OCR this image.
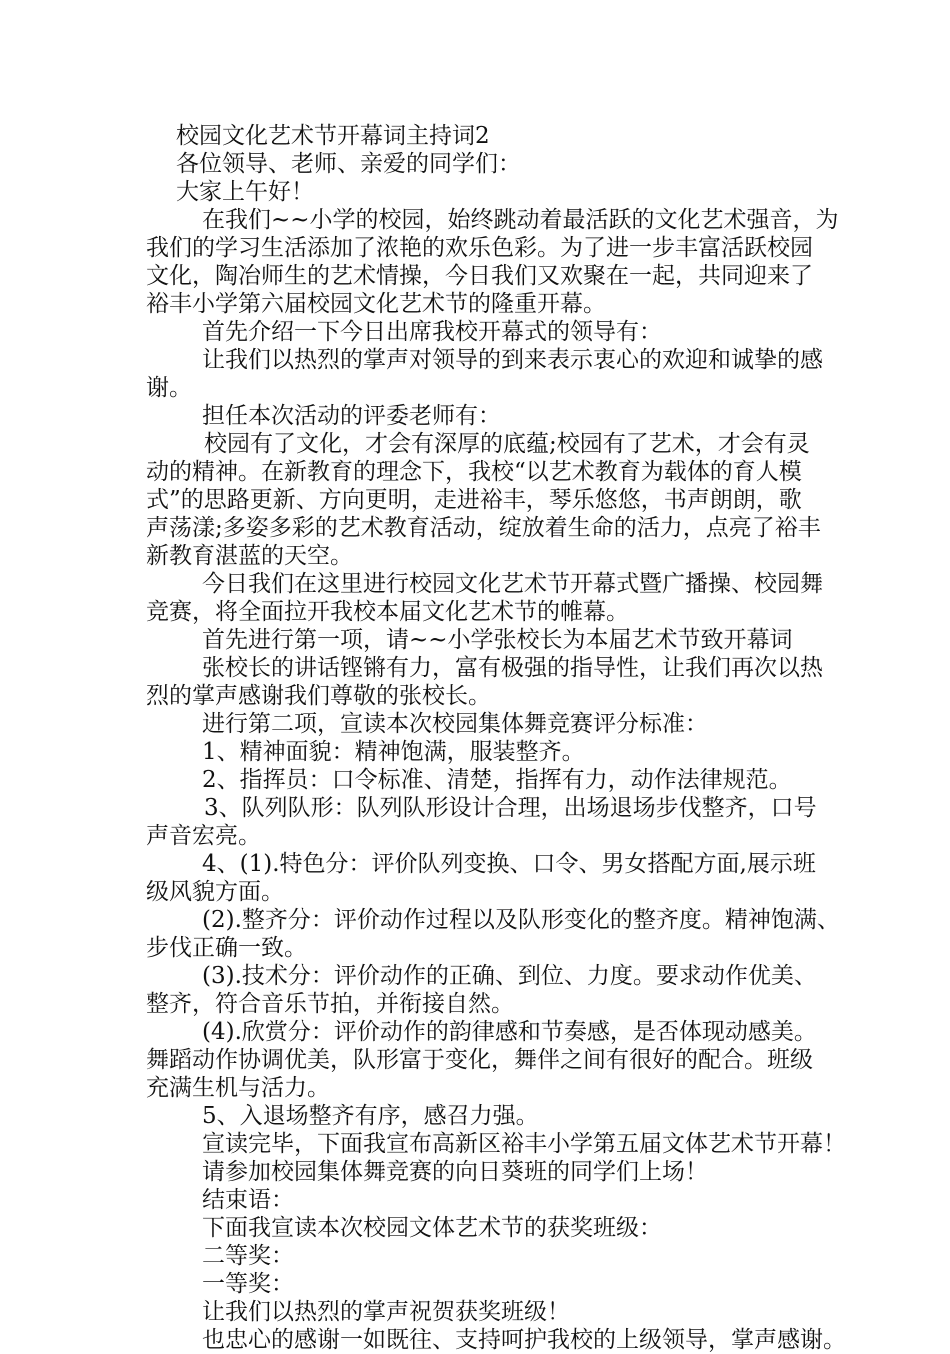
校园文化艺术节开幕词主持词2

各位领导、老师、亲爱的同学们：

大家上午好！

在我们~~小学的校园，始终跳动着最活跃的文化艺术强音，为

我们的学习生活添加了浓艳的欢乐色彩。为了进一步丰富活跃校园

文化，陶冶师生的艺术情操，今日我们又欢聚在一起，共同迎来了

裕丰小学第六届校园文化艺术节的隆重开幕。

首先介绍一下今日出席我校开幕式的领导有：

让我们以热烈的掌声对领导的到来表示衷心的欢迎和诚挚的感

谢。

担任本次活动的评委老师有：

校园有了文化，才会有深厚的底蕴;校园有了艺术，才会有灵

动的精神。在新教育的理念下，我校“以艺术教育为载体的育人模

式”的思路更新、方向更明，走进裕丰，琴乐悠悠，书声朗朗，歌

声荡漾;多姿多彩的艺术教育活动，绽放着生命的活力，点亮了裕丰

新教育湛蓝的天空。

今日我们在这里进行校园文化艺术节开幕式暨广播操、校园舞

竞赛，将全面拉开我校本届文化艺术节的帷幕。

首先进行第一项，请~~小学张校长为本届艺术节致开幕词

张校长的讲话铿锵有力，富有极强的指导性，让我们再次以热

烈的掌声感谢我们尊敬的张校长。

进行第二项，宣读本次校园集体舞竞赛评分标准：

1、精神面貌：精神饱满，服装整齐。

2、指挥员：口令标准、清楚，指挥有力，动作法律规范。

3、队列队形：队列队形设计合理，出场退场步伐整齐，口号

声音宏亮。

4、(1).特色分：评价队列变换、口令、男女搭配方面,展示班

级风貌方面。

(2).整齐分：评价动作过程以及队形变化的整齐度。精神饱满、

步伐正确一致。

(3).技术分：评价动作的正确、到位、力度。要求动作优美、

整齐，符合音乐节拍，并衔接自然。

(4).欣赏分：评价动作的韵律感和节奏感，是否体现动感美。

舞蹈动作协调优美，队形富于变化，舞伴之间有很好的配合。班级

充满生机与活力。

5、入退场整齐有序，感召力强。

宣读完毕，下面我宣布高新区裕丰小学第五届文体艺术节开幕！

请参加校园集体舞竞赛的向日葵班的同学们上场！

结束语：

下面我宣读本次校园文体艺术节的获奖班级：

二等奖：

一等奖：

让我们以热烈的掌声祝贺获奖班级！

也忠心的感谢一如既往、支持呵护我校的上级领导，掌声感谢。
